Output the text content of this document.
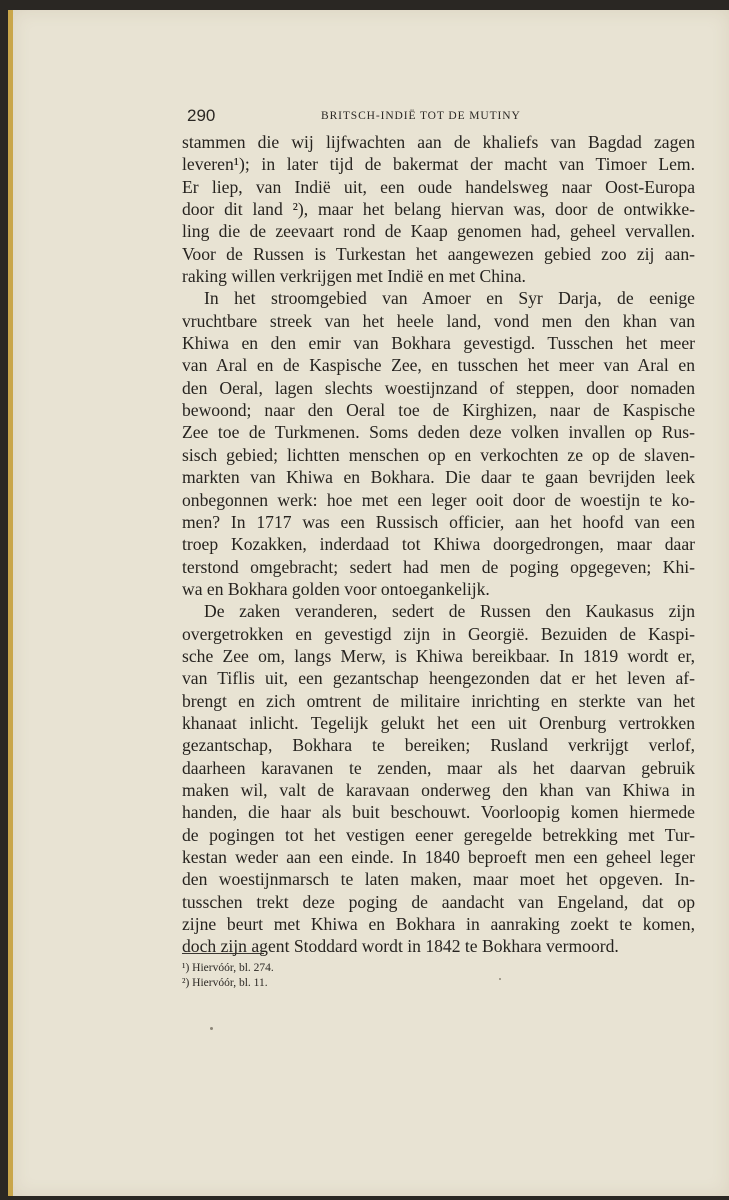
290	BRITSCH-INDIË TOT DE MUTINY
stammen die wij lijfwachten aan de khaliefs van Bagdad zagen
leveren¹); in later tijd de bakermat der macht van Timoer Lem.
Er liep, van Indië uit, een oude handelsweg naar Oost-Europa
door dit land ²), maar het belang hiervan was, door de ontwikke-
ling die de zeevaart rond de Kaap genomen had, geheel vervallen.
Voor de Russen is Turkestan het aangewezen gebied zoo zij aan-
raking willen verkrijgen met Indië en met China.
In het stroomgebied van Amoer en Syr Darja, de eenige
vruchtbare streek van het heele land, vond men den khan van
Khiwa en den emir van Bokhara gevestigd. Tusschen het meer
van Aral en de Kaspische Zee, en tusschen het meer van Aral en
den Oeral, lagen slechts woestijnzand of steppen, door nomaden
bewoond; naar den Oeral toe de Kirghizen, naar de Kaspische
Zee toe de Turkmenen. Soms deden deze volken invallen op Rus-
sisch gebied; lichtten menschen op en verkochten ze op de slaven-
markten van Khiwa en Bokhara. Die daar te gaan bevrijden leek
onbegonnen werk: hoe met een leger ooit door de woestijn te ko-
men? In 1717 was een Russisch officier, aan het hoofd van een
troep Kozakken, inderdaad tot Khiwa doorgedrongen, maar daar
terstond omgebracht; sedert had men de poging opgegeven; Khi-
wa en Bokhara golden voor ontoegankelijk.
De zaken veranderen, sedert de Russen den Kaukasus zijn
overgetrokken en gevestigd zijn in Georgië. Bezuiden de Kaspi-
sche Zee om, langs Merw, is Khiwa bereikbaar. In 1819 wordt er,
van Tiflis uit, een gezantschap heengezonden dat er het leven af-
brengt en zich omtrent de militaire inrichting en sterkte van het
khanaat inlicht. Tegelijk gelukt het een uit Orenburg vertrokken
gezantschap, Bokhara te bereiken; Rusland verkrijgt verlof,
daarheen karavanen te zenden, maar als het daarvan gebruik
maken wil, valt de karavaan onderweg den khan van Khiwa in
handen, die haar als buit beschouwt. Voorloopig komen hiermede
de pogingen tot het vestigen eener geregelde betrekking met Tur-
kestan weder aan een einde. In 1840 beproeft men een geheel leger
den woestijnmarsch te laten maken, maar moet het opgeven. In-
tusschen trekt deze poging de aandacht van Engeland, dat op
zijne beurt met Khiwa en Bokhara in aanraking zoekt te komen,
doch zijn agent Stoddard wordt in 1842 te Bokhara vermoord.
¹) Hiervóór, bl. 274.
²) Hiervóór, bl. 11.
